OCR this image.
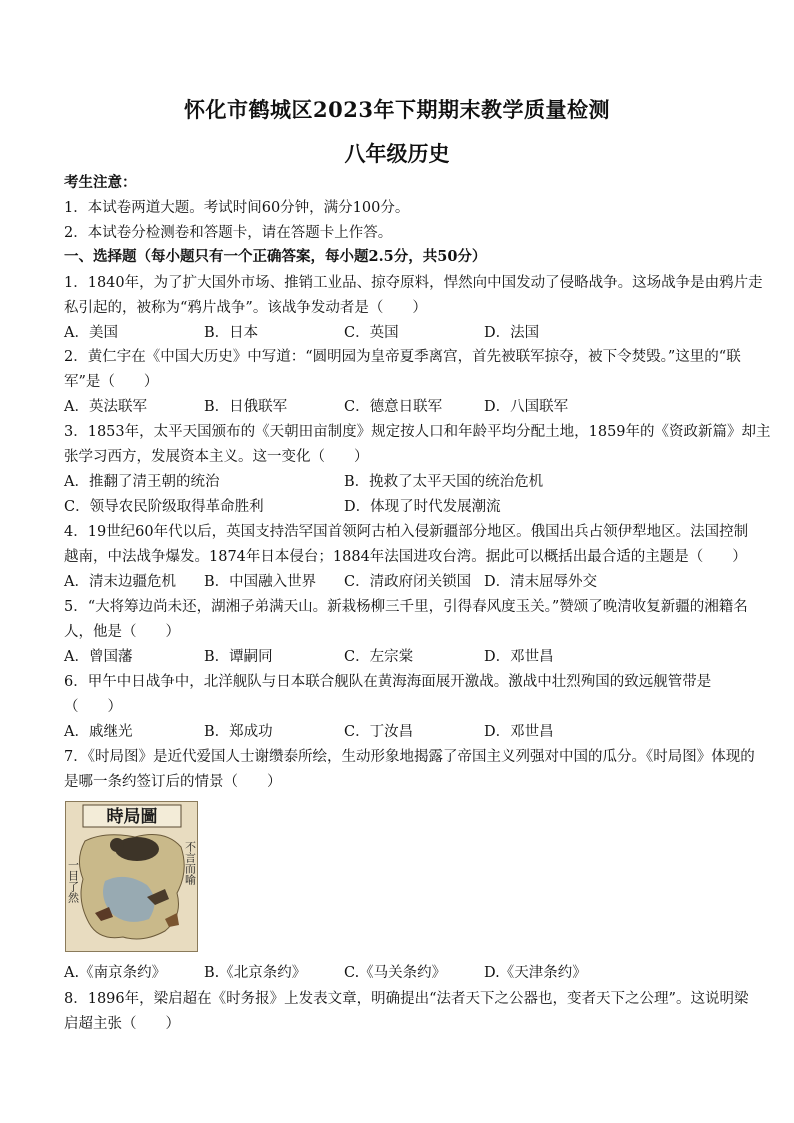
怀化市鹤城区2023年下期期末教学质量检测
八年级历史
考生注意：
1．本试卷两道大题。考试时间60分钟，满分100分。
2．本试卷分检测卷和答题卡，请在答题卡上作答。
一、选择题（每小题只有一个正确答案，每小题2.5分，共50分）
1．1840年，为了扩大国外市场、推销工业品、掠夺原料，悍然向中国发动了侵略战争。这场战争是由鸦片走
私引起的，被称为“鸦片战争”。该战争发动者是（　　）
A．美国	B．日本	C．英国	D．法国
2．黄仁宇在《中国大历史》中写道：“圆明园为皇帝夏季离宫，首先被联军掠夺，被下令焚毁。”这里的“联
军”是（　　）
A．英法联军	B．日俄联军	C．德意日联军	D．八国联军
3．1853年，太平天国颁布的《天朝田亩制度》规定按人口和年龄平均分配土地，1859年的《资政新篇》却主
张学习西方，发展资本主义。这一变化（　　）
A．推翻了清王朝的统治	B．挽救了太平天国的统治危机
C．领导农民阶级取得革命胜利	D．体现了时代发展潮流
4．19世纪60年代以后，英国支持浩罕国首领阿古柏入侵新疆部分地区。俄国出兵占领伊犁地区。法国控制
越南，中法战争爆发。1874年日本侵台；1884年法国进攻台湾。据此可以概括出最合适的主题是（　　）
A．清末边疆危机 B．中国融入世界 C．清政府闭关锁国 D．清末屈辱外交
5．“大将筹边尚未还，湖湘子弟满天山。新栽杨柳三千里，引得春风度玉关。”赞颂了晚清收复新疆的湘籍名
人，他是（　　）
A．曾国藩	B．谭嗣同	C．左宗棠	D．邓世昌
6．甲午中日战争中，北洋舰队与日本联合舰队在黄海海面展开激战。激战中壮烈殉国的致远舰管带是
（　　）
A．戚继光	B．郑成功	C．丁汝昌	D．邓世昌
7．《时局图》是近代爱国人士谢缵泰所绘，生动形象地揭露了帝国主义列强对中国的瓜分。《时局图》体现的
是哪一条约签订后的情景（　　）
時局圖
一目了然	不言而喻
A.《南京条约》	B.《北京条约》	C.《马关条约》	D.《天津条约》
8．1896年，梁启超在《时务报》上发表文章，明确提出“法者天下之公器也，变者天下之公理”。这说明梁
启超主张（　　）
